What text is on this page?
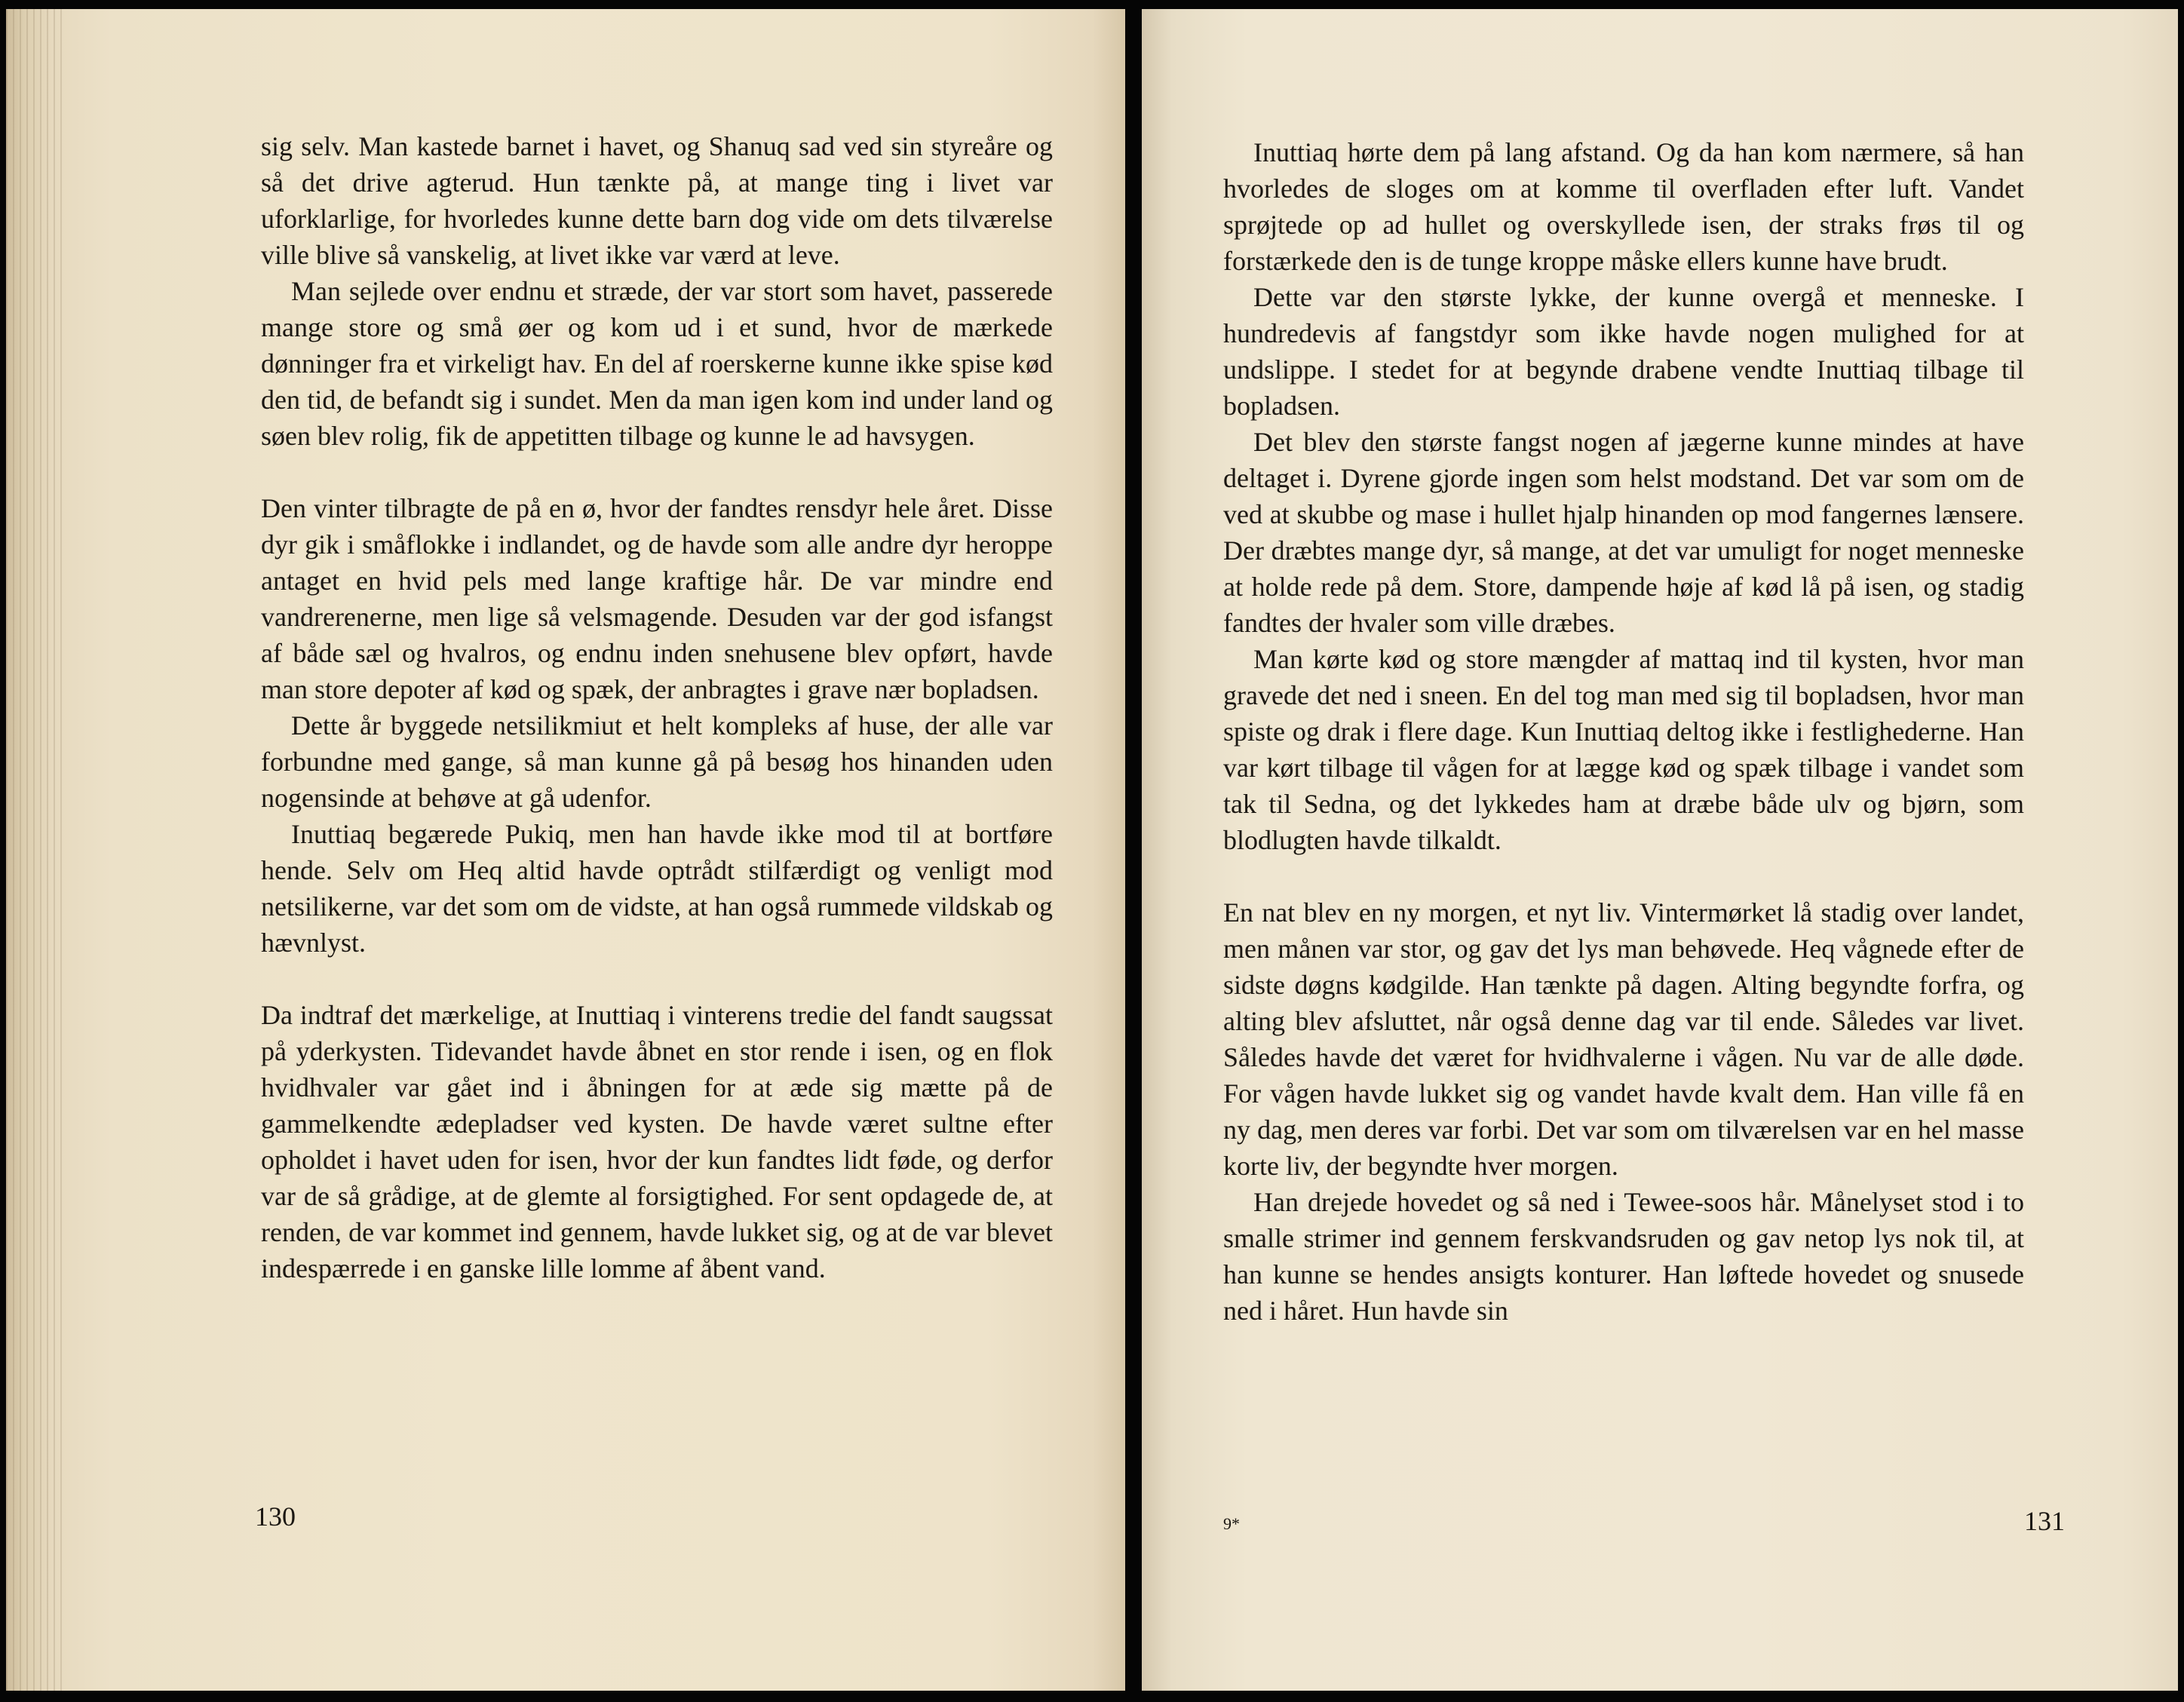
sig selv. Man kastede barnet i havet, og Shanuq sad ved sin styreåre og så det drive agterud. Hun tænkte på, at mange ting i livet var uforklarlige, for hvorledes kunne dette barn dog vide om dets tilværelse ville blive så vanskelig, at livet ikke var værd at leve.

Man sejlede over endnu et stræde, der var stort som havet, passerede mange store og små øer og kom ud i et sund, hvor de mærkede dønninger fra et virkeligt hav. En del af roerskerne kunne ikke spise kød den tid, de befandt sig i sundet. Men da man igen kom ind under land og søen blev rolig, fik de appetitten tilbage og kunne le ad havsygen.

Den vinter tilbragte de på en ø, hvor der fandtes rensdyr hele året. Disse dyr gik i småflokke i indlandet, og de havde som alle andre dyr heroppe antaget en hvid pels med lange kraftige hår. De var mindre end vandrerenerne, men lige så velsmagende. Desuden var der god isfangst af både sæl og hvalros, og endnu inden snehusene blev opført, havde man store depoter af kød og spæk, der anbragtes i grave nær bopladsen.

Dette år byggede netsilikmiut et helt kompleks af huse, der alle var forbundne med gange, så man kunne gå på besøg hos hinanden uden nogensinde at behøve at gå udenfor.

Inuttiaq begærede Pukiq, men han havde ikke mod til at bortføre hende. Selv om Heq altid havde optrådt stilfærdigt og venligt mod netsilikerne, var det som om de vidste, at han også rummede vildskab og hævnlyst.

Da indtraf det mærkelige, at Inuttiaq i vinterens tredie del fandt saugssat på yderkysten. Tidevandet havde åbnet en stor rende i isen, og en flok hvidhvaler var gået ind i åbningen for at æde sig mætte på de gammelkendte ædepladser ved kysten. De havde været sultne efter opholdet i havet uden for isen, hvor der kun fandtes lidt føde, og derfor var de så grådige, at de glemte al forsigtighed. For sent opdagede de, at renden, de var kommet ind gennem, havde lukket sig, og at de var blevet indespærrede i en ganske lille lomme af åbent vand.

130

Inuttiaq hørte dem på lang afstand. Og da han kom nærmere, så han hvorledes de sloges om at komme til overfladen efter luft. Vandet sprøjtede op ad hullet og overskyllede isen, der straks frøs til og forstærkede den is de tunge kroppe måske ellers kunne have brudt.

Dette var den største lykke, der kunne overgå et menneske. I hundredevis af fangstdyr som ikke havde nogen mulighed for at undslippe. I stedet for at begynde drabene vendte Inuttiaq tilbage til bopladsen.

Det blev den største fangst nogen af jægerne kunne mindes at have deltaget i. Dyrene gjorde ingen som helst modstand. Det var som om de ved at skubbe og mase i hullet hjalp hinanden op mod fangernes lænsere. Der dræbtes mange dyr, så mange, at det var umuligt for noget menneske at holde rede på dem. Store, dampende høje af kød lå på isen, og stadig fandtes der hvaler som ville dræbes.

Man kørte kød og store mængder af mattaq ind til kysten, hvor man gravede det ned i sneen. En del tog man med sig til bopladsen, hvor man spiste og drak i flere dage. Kun Inuttiaq deltog ikke i festlighederne. Han var kørt tilbage til vågen for at lægge kød og spæk tilbage i vandet som tak til Sedna, og det lykkedes ham at dræbe både ulv og bjørn, som blodlugten havde tilkaldt.

En nat blev en ny morgen, et nyt liv. Vintermørket lå stadig over landet, men månen var stor, og gav det lys man behøvede. Heq vågnede efter de sidste døgns kødgilde. Han tænkte på dagen. Alting begyndte forfra, og alting blev afsluttet, når også denne dag var til ende. Således var livet. Således havde det været for hvidhvalerne i vågen. Nu var de alle døde. For vågen havde lukket sig og vandet havde kvalt dem. Han ville få en ny dag, men deres var forbi. Det var som om tilværelsen var en hel masse korte liv, der begyndte hver morgen.

Han drejede hovedet og så ned i Tewee-soos hår. Månelyset stod i to smalle strimer ind gennem ferskvandsruden og gav netop lys nok til, at han kunne se hendes ansigts konturer. Han løftede hovedet og snusede ned i håret. Hun havde sin

9*	131
